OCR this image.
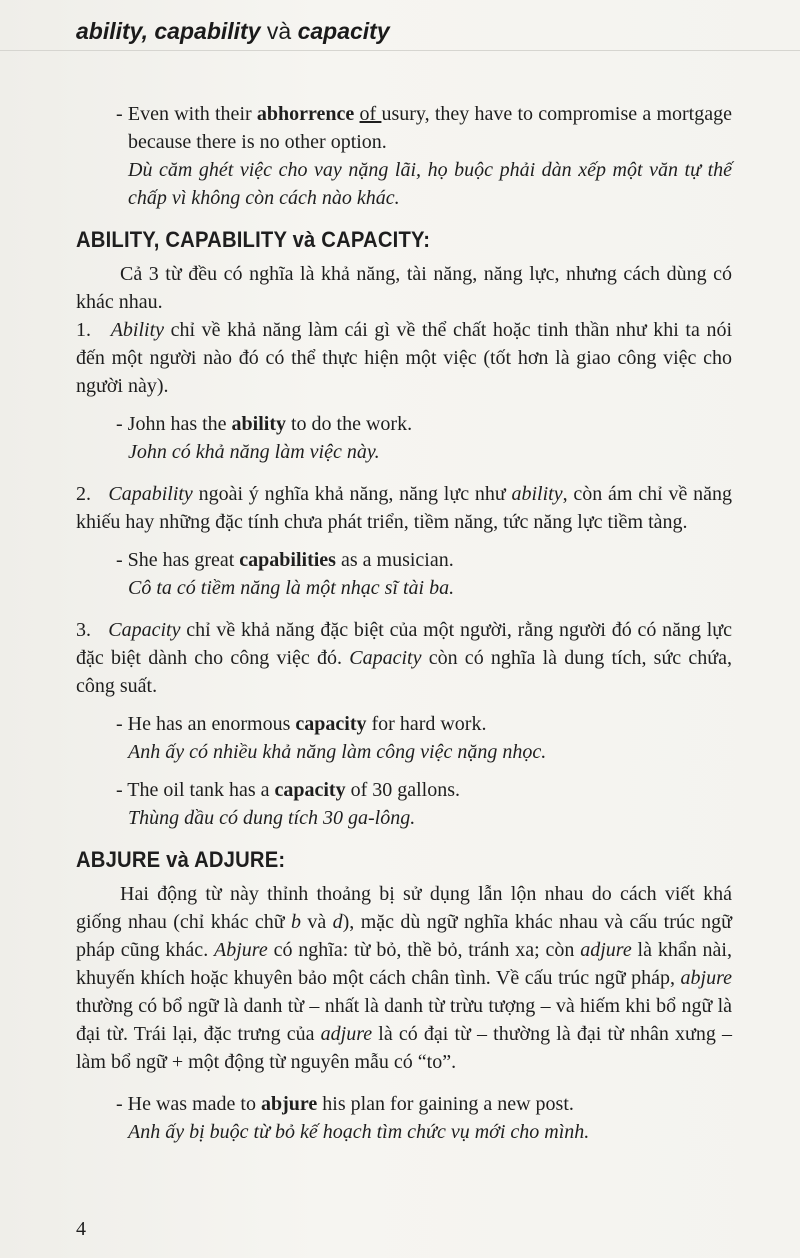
ability, capability và capacity

- Even with their abhorrence of usury, they have to compromise a mortgage because there is no other option.

Dù căm ghét việc cho vay nặng lãi, họ buộc phải dàn xếp một văn tự thế chấp vì không còn cách nào khác.

ABILITY, CAPABILITY và CAPACITY:

Cả 3 từ đều có nghĩa là khả năng, tài năng, năng lực, nhưng cách dùng có khác nhau.

1. Ability chỉ về khả năng làm cái gì về thể chất hoặc tinh thần như khi ta nói đến một người nào đó có thể thực hiện một việc (tốt hơn là giao công việc cho người này).

- John has the ability to do the work.

John có khả năng làm việc này.

2. Capability ngoài ý nghĩa khả năng, năng lực như ability, còn ám chỉ về năng khiếu hay những đặc tính chưa phát triển, tiềm năng, tức năng lực tiềm tàng.

- She has great capabilities as a musician.

Cô ta có tiềm năng là một nhạc sĩ tài ba.

3. Capacity chỉ về khả năng đặc biệt của một người, rằng người đó có năng lực đặc biệt dành cho công việc đó. Capacity còn có nghĩa là dung tích, sức chứa, công suất.

- He has an enormous capacity for hard work.

Anh ấy có nhiều khả năng làm công việc nặng nhọc.

- The oil tank has a capacity of 30 gallons.

Thùng dầu có dung tích 30 ga-lông.

ABJURE và ADJURE:

Hai động từ này thỉnh thoảng bị sử dụng lẫn lộn nhau do cách viết khá giống nhau (chỉ khác chữ b và d), mặc dù ngữ nghĩa khác nhau và cấu trúc ngữ pháp cũng khác. Abjure có nghĩa: từ bỏ, thề bỏ, tránh xa; còn adjure là khẩn nài, khuyến khích hoặc khuyên bảo một cách chân tình. Về cấu trúc ngữ pháp, abjure thường có bổ ngữ là danh từ – nhất là danh từ trừu tượng – và hiếm khi bổ ngữ là đại từ. Trái lại, đặc trưng của adjure là có đại từ – thường là đại từ nhân xưng – làm bổ ngữ + một động từ nguyên mẫu có “to”.

- He was made to abjure his plan for gaining a new post.

Anh ấy bị buộc từ bỏ kế hoạch tìm chức vụ mới cho mình.

4
